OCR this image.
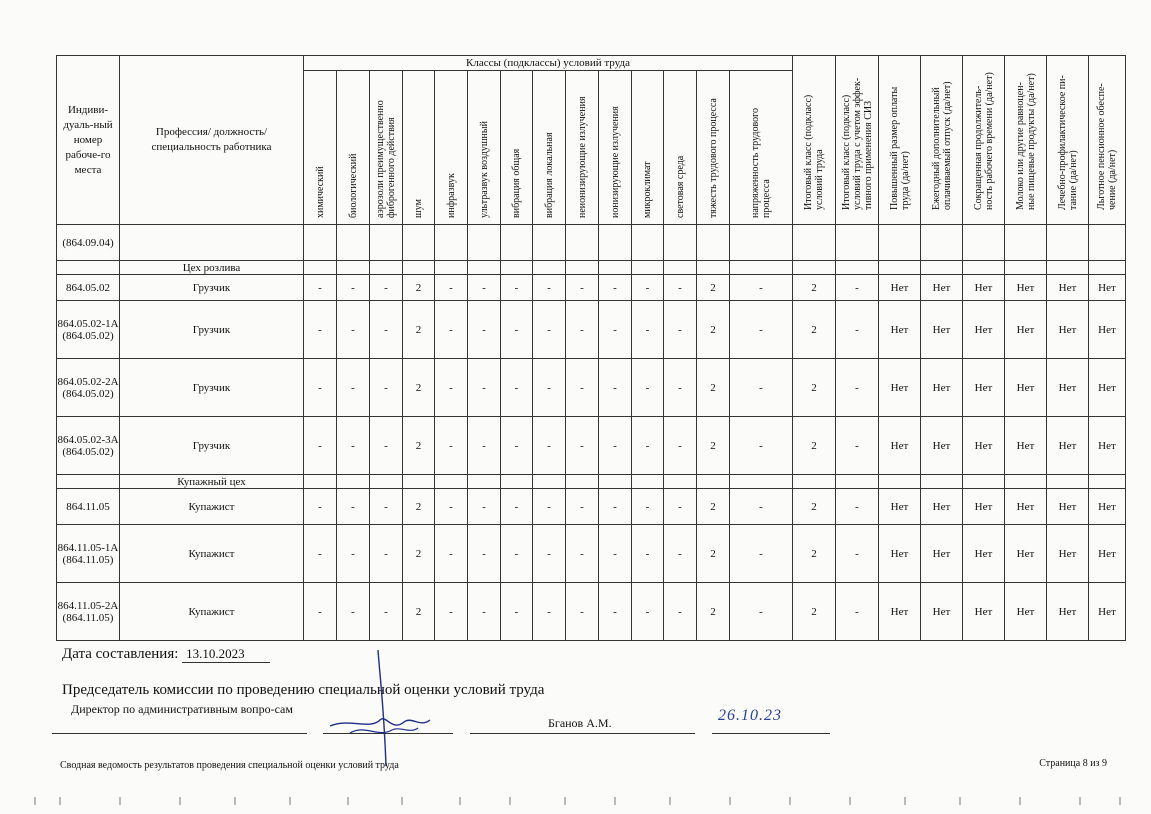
Индиви-дуаль-ный номер рабоче-го места	Профессия/ должность/ специальность работника	Классы (подклассы) условий труда														Итоговый класс (подкласс) условий труда	Итоговый класс (подкласс) условий труда с учетом эффек-тивного применения СИЗ	Повышенный размер оплаты труда (да/нет)	Ежегодный дополнительный оплачиваемый отпуск (да/нет)	Сокращенная продолжитель-ность рабочего времени (да/нет)	Молоко или другие равноцен-ные пищевые продукты (да/нет)	Лечебно-профилактическое пи-тание (да/нет)	Льготное пенсионное обеспе-чение (да/нет)

		химический	биологический	аэрозоли преимущественно фиброгенного действия	шум	инфразвук	ультразвук воздушный	вибрация общая	вибрация локальная	неионизирующие излучения	ионизирующие излучения	микроклимат	световая среда	тяжесть трудового процесса	напряженность трудового процесса								

(864.09.04)																							
	Цех розлива																						
864.05.02	Грузчик	-	-	-	2	-	-	-	-	-	-	-	-	2	-	2	-	Нет	Нет	Нет	Нет	Нет	Нет
864.05.02-1А (864.05.02)	Грузчик	-	-	-	2	-	-	-	-	-	-	-	-	2	-	2	-	Нет	Нет	Нет	Нет	Нет	Нет
864.05.02-2А (864.05.02)	Грузчик	-	-	-	2	-	-	-	-	-	-	-	-	2	-	2	-	Нет	Нет	Нет	Нет	Нет	Нет
864.05.02-3А (864.05.02)	Грузчик	-	-	-	2	-	-	-	-	-	-	-	-	2	-	2	-	Нет	Нет	Нет	Нет	Нет	Нет
	Купажный цех																						
864.11.05	Купажист	-	-	-	2	-	-	-	-	-	-	-	-	2	-	2	-	Нет	Нет	Нет	Нет	Нет	Нет
864.11.05-1А (864.11.05)	Купажист	-	-	-	2	-	-	-	-	-	-	-	-	2	-	2	-	Нет	Нет	Нет	Нет	Нет	Нет
864.11.05-2А (864.11.05)	Купажист	-	-	-	2	-	-	-	-	-	-	-	-	2	-	2	-	Нет	Нет	Нет	Нет	Нет	Нет
Дата составления: 13.10.2023
Председатель комиссии по проведению специальной оценки условий труда
Директор по административным вопро-сам
Бганов А.М.	26.10.23
Сводная ведомость результатов проведения специальной оценки условий труда	Страница 8 из 9
